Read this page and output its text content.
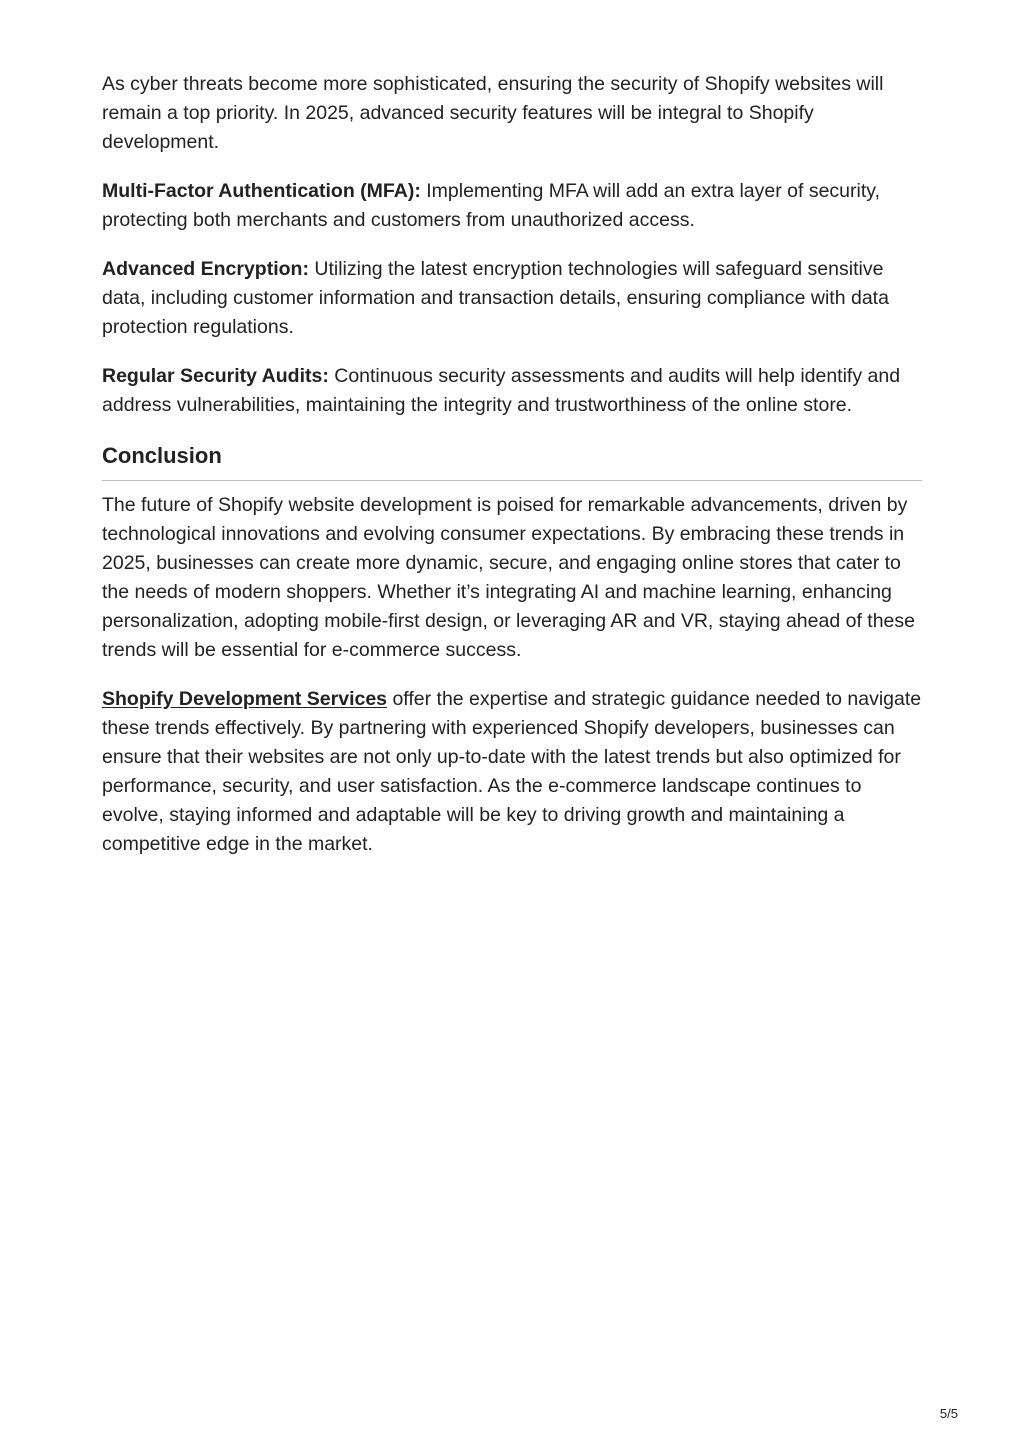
As cyber threats become more sophisticated, ensuring the security of Shopify websites will remain a top priority. In 2025, advanced security features will be integral to Shopify development.

Multi-Factor Authentication (MFA): Implementing MFA will add an extra layer of security, protecting both merchants and customers from unauthorized access.

Advanced Encryption: Utilizing the latest encryption technologies will safeguard sensitive data, including customer information and transaction details, ensuring compliance with data protection regulations.

Regular Security Audits: Continuous security assessments and audits will help identify and address vulnerabilities, maintaining the integrity and trustworthiness of the online store.

Conclusion

The future of Shopify website development is poised for remarkable advancements, driven by technological innovations and evolving consumer expectations. By embracing these trends in 2025, businesses can create more dynamic, secure, and engaging online stores that cater to the needs of modern shoppers. Whether it’s integrating AI and machine learning, enhancing personalization, adopting mobile-first design, or leveraging AR and VR, staying ahead of these trends will be essential for e-commerce success.

Shopify Development Services offer the expertise and strategic guidance needed to navigate these trends effectively. By partnering with experienced Shopify developers, businesses can ensure that their websites are not only up-to-date with the latest trends but also optimized for performance, security, and user satisfaction. As the e-commerce landscape continues to evolve, staying informed and adaptable will be key to driving growth and maintaining a competitive edge in the market.

5/5
